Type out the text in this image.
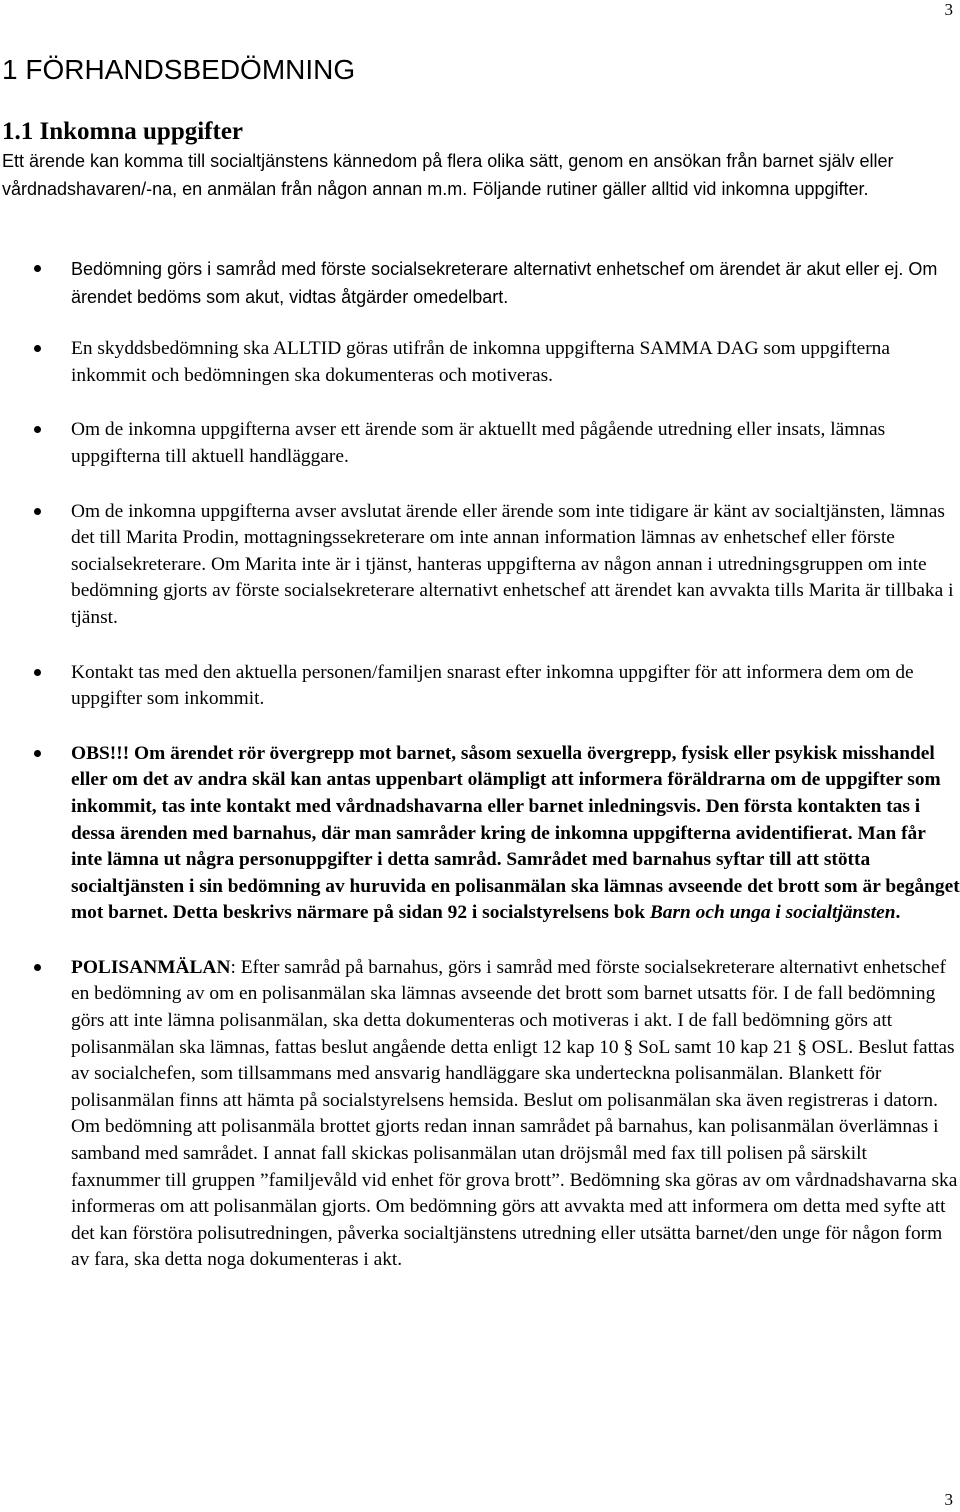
3
1 FÖRHANDSBEDÖMNING
1.1 Inkomna uppgifter

Ett ärende kan komma till socialtjänstens kännedom på flera olika sätt, genom en ansökan från barnet själv eller vårdnadshavaren/-na, en anmälan från någon annan m.m. Följande rutiner gäller alltid vid inkomna uppgifter.

Bedömning görs i samråd med förste socialsekreterare alternativt enhetschef om ärendet är akut eller ej. Om ärendet bedöms som akut, vidtas åtgärder omedelbart.
En skyddsbedömning ska ALLTID göras utifrån de inkomna uppgifterna SAMMA DAG som uppgifterna inkommit och bedömningen ska dokumenteras och motiveras.
Om de inkomna uppgifterna avser ett ärende som är aktuellt med pågående utredning eller insats, lämnas uppgifterna till aktuell handläggare.
Om de inkomna uppgifterna avser avslutat ärende eller ärende som inte tidigare är känt av socialtjänsten, lämnas det till Marita Prodin, mottagningssekreterare om inte annan information lämnas av enhetschef eller förste socialsekreterare. Om Marita inte är i tjänst, hanteras uppgifterna av någon annan i utredningsgruppen om inte bedömning gjorts av förste socialsekreterare alternativt enhetschef att ärendet kan avvakta tills Marita är tillbaka i tjänst.
Kontakt tas med den aktuella personen/familjen snarast efter inkomna uppgifter för att informera dem om de uppgifter som inkommit.
OBS!!! Om ärendet rör övergrepp mot barnet, såsom sexuella övergrepp, fysisk eller psykisk misshandel eller om det av andra skäl kan antas uppenbart olämpligt att informera föräldrarna om de uppgifter som inkommit, tas inte kontakt med vårdnadshavarna eller barnet inledningsvis. Den första kontakten tas i dessa ärenden med barnahus, där man samråder kring de inkomna uppgifterna avidentifierat. Man får inte lämna ut några personuppgifter i detta samråd. Samrådet med barnahus syftar till att stötta socialtjänsten i sin bedömning av huruvida en polisanmälan ska lämnas avseende det brott som är begånget mot barnet. Detta beskrivs närmare på sidan 92 i socialstyrelsens bok Barn och unga i socialtjänsten.
POLISANMÄLAN: Efter samråd på barnahus, görs i samråd med förste socialsekreterare alternativt enhetschef en bedömning av om en polisanmälan ska lämnas avseende det brott som barnet utsatts för. I de fall bedömning görs att inte lämna polisanmälan, ska detta dokumenteras och motiveras i akt. I de fall bedömning görs att polisanmälan ska lämnas, fattas beslut angående detta enligt 12 kap 10 § SoL samt 10 kap 21 § OSL. Beslut fattas av socialchefen, som tillsammans med ansvarig handläggare ska underteckna polisanmälan. Blankett för polisanmälan finns att hämta på socialstyrelsens hemsida. Beslut om polisanmälan ska även registreras i datorn. Om bedömning att polisanmäla brottet gjorts redan innan samrådet på barnahus, kan polisanmälan överlämnas i samband med samrådet. I annat fall skickas polisanmälan utan dröjsmål med fax till polisen på särskilt faxnummer till gruppen ”familjevåld vid enhet för grova brott”. Bedömning ska göras av om vårdnadshavarna ska informeras om att polisanmälan gjorts. Om bedömning görs att avvakta med att informera om detta med syfte att det kan förstöra polisutredningen, påverka socialtjänstens utredning eller utsätta barnet/den unge för någon form av fara, ska detta noga dokumenteras i akt.
3
